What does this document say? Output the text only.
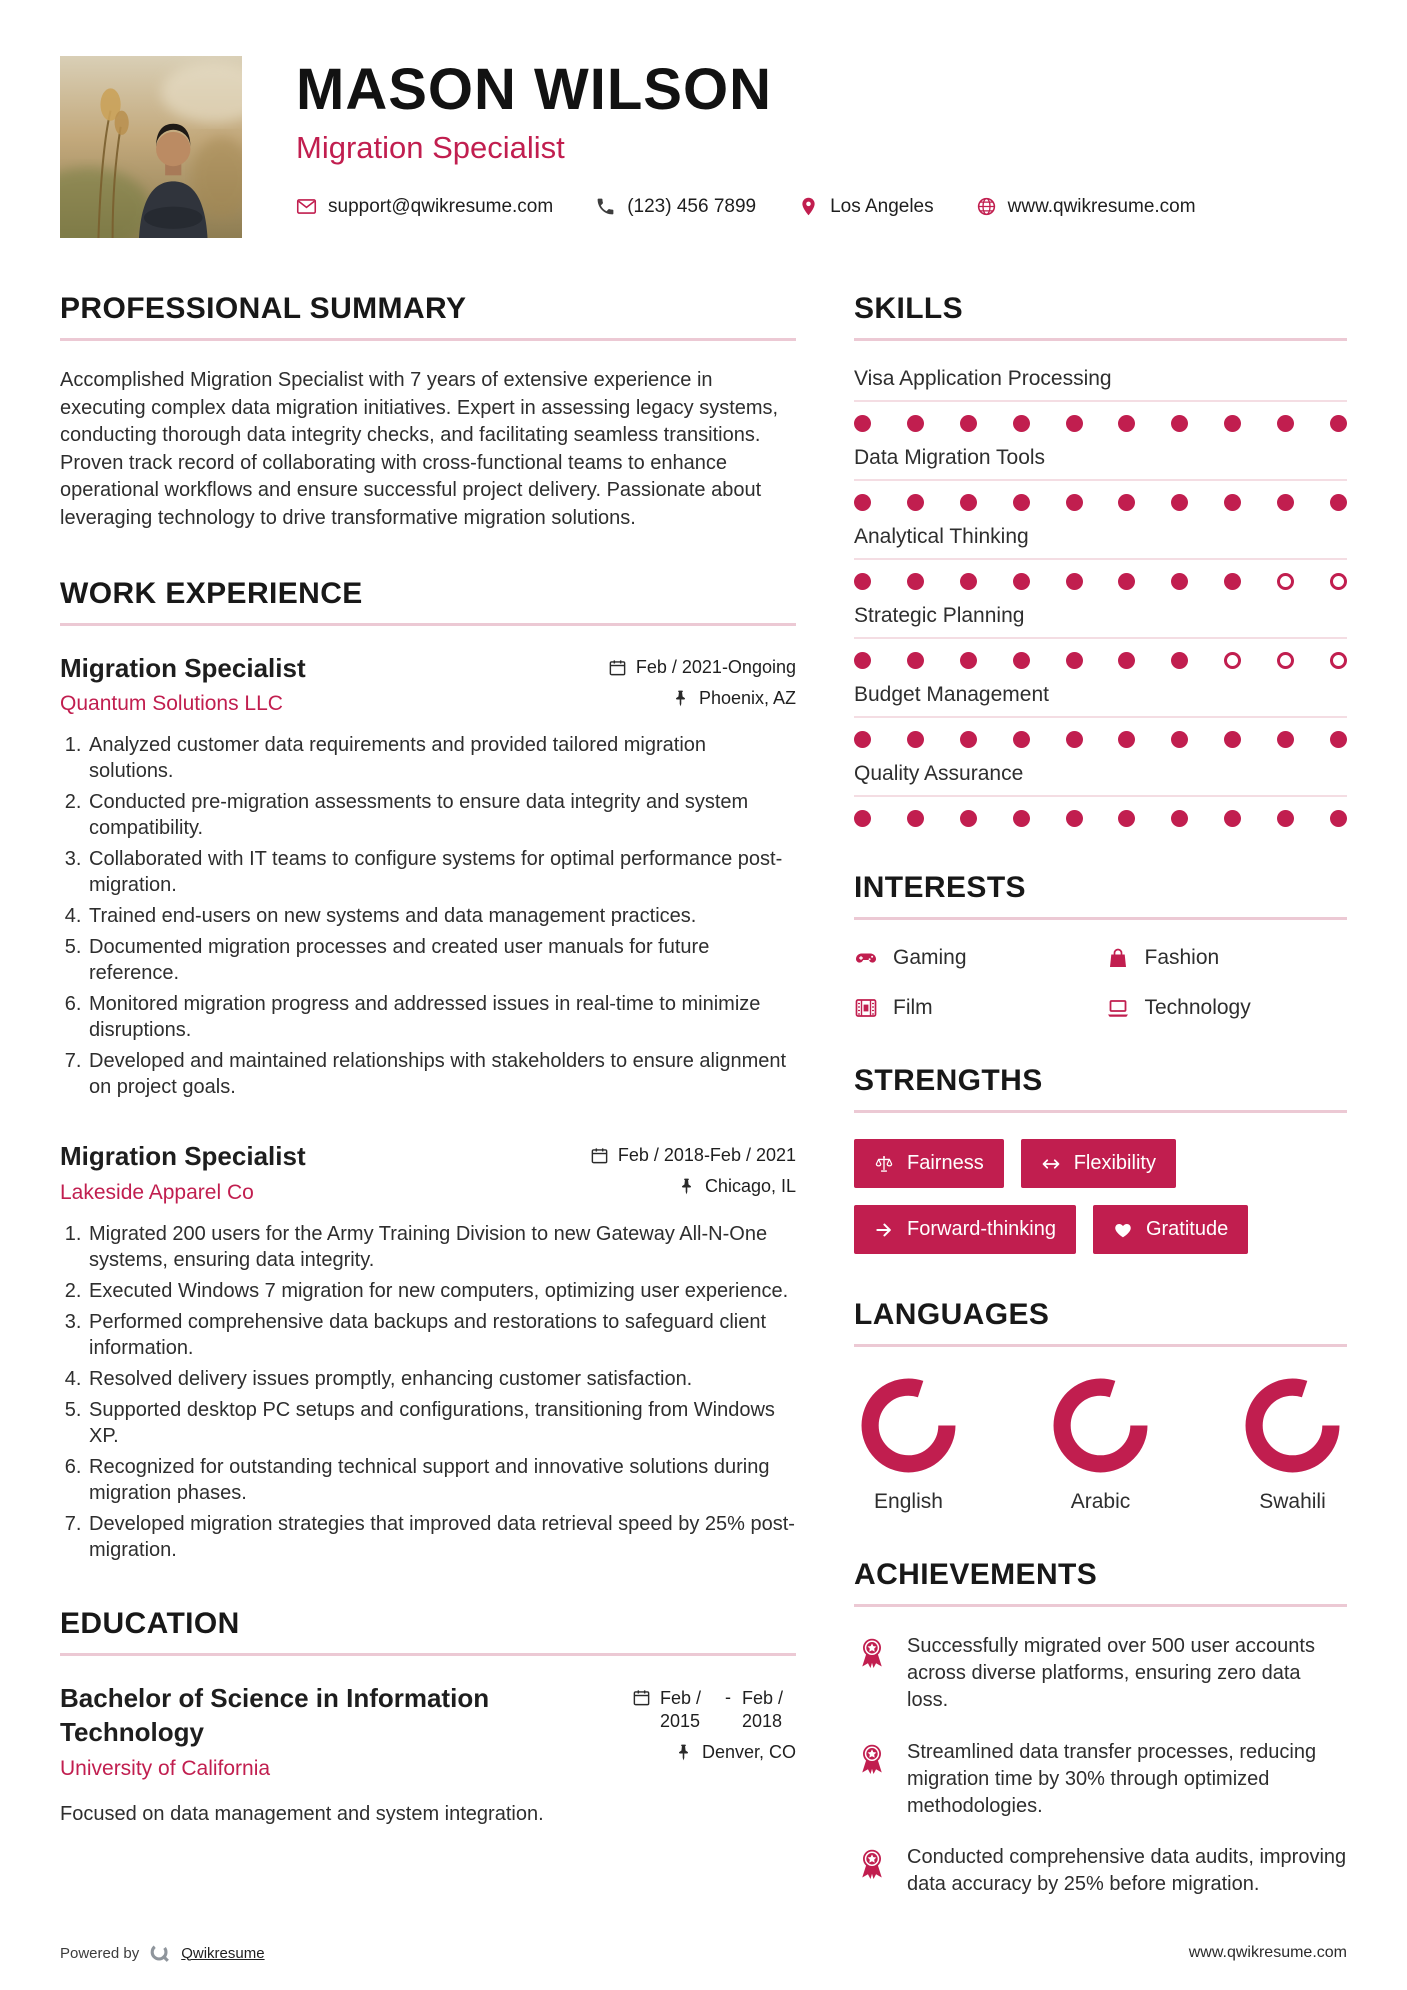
MASON WILSON
Migration Specialist
support@qwikresume.com	(123) 456 7899	Los Angeles	www.qwikresume.com
PROFESSIONAL SUMMARY

Accomplished Migration Specialist with 7 years of extensive experience in executing complex data migration initiatives. Expert in assessing legacy systems, conducting thorough data integrity checks, and facilitating seamless transitions. Proven track record of collaborating with cross-functional teams to enhance operational workflows and ensure successful project delivery. Passionate about leveraging technology to drive transformative migration solutions.

WORK EXPERIENCE
Migration Specialist
Quantum Solutions LLC
Feb / 2021-Ongoing
Phoenix, AZ
1. Analyzed customer data requirements and provided tailored migration solutions.
2. Conducted pre-migration assessments to ensure data integrity and system compatibility.
3. Collaborated with IT teams to configure systems for optimal performance post-migration.
4. Trained end-users on new systems and data management practices.
5. Documented migration processes and created user manuals for future reference.
6. Monitored migration progress and addressed issues in real-time to minimize disruptions.
7. Developed and maintained relationships with stakeholders to ensure alignment on project goals.
Migration Specialist
Lakeside Apparel Co
Feb / 2018-Feb / 2021
Chicago, IL
1. Migrated 200 users for the Army Training Division to new Gateway All-N-One systems, ensuring data integrity.
2. Executed Windows 7 migration for new computers, optimizing user experience.
3. Performed comprehensive data backups and restorations to safeguard client information.
4. Resolved delivery issues promptly, enhancing customer satisfaction.
5. Supported desktop PC setups and configurations, transitioning from Windows XP.
6. Recognized for outstanding technical support and innovative solutions during migration phases.
7. Developed migration strategies that improved data retrieval speed by 25% post-migration.
EDUCATION
Bachelor of Science in Information Technology
University of California
Feb / 2015
- Feb / 2018
Denver, CO

Focused on data management and system integration.

SKILLS
Visa Application Processing
Data Migration Tools
Analytical Thinking
Strategic Planning
Budget Management
Quality Assurance
INTERESTS
Gaming	Fashion
Film	Technology
STRENGTHS
Fairness	Flexibility
Forward-thinking	Gratitude
LANGUAGES
English	Arabic	Swahili
ACHIEVEMENTS

Successfully migrated over 500 user accounts across diverse platforms, ensuring zero data loss.

Streamlined data transfer processes, reducing migration time by 30% through optimized methodologies.

Conducted comprehensive data audits, improving data accuracy by 25% before migration.

Powered by	Qwikresume	www.qwikresume.com
